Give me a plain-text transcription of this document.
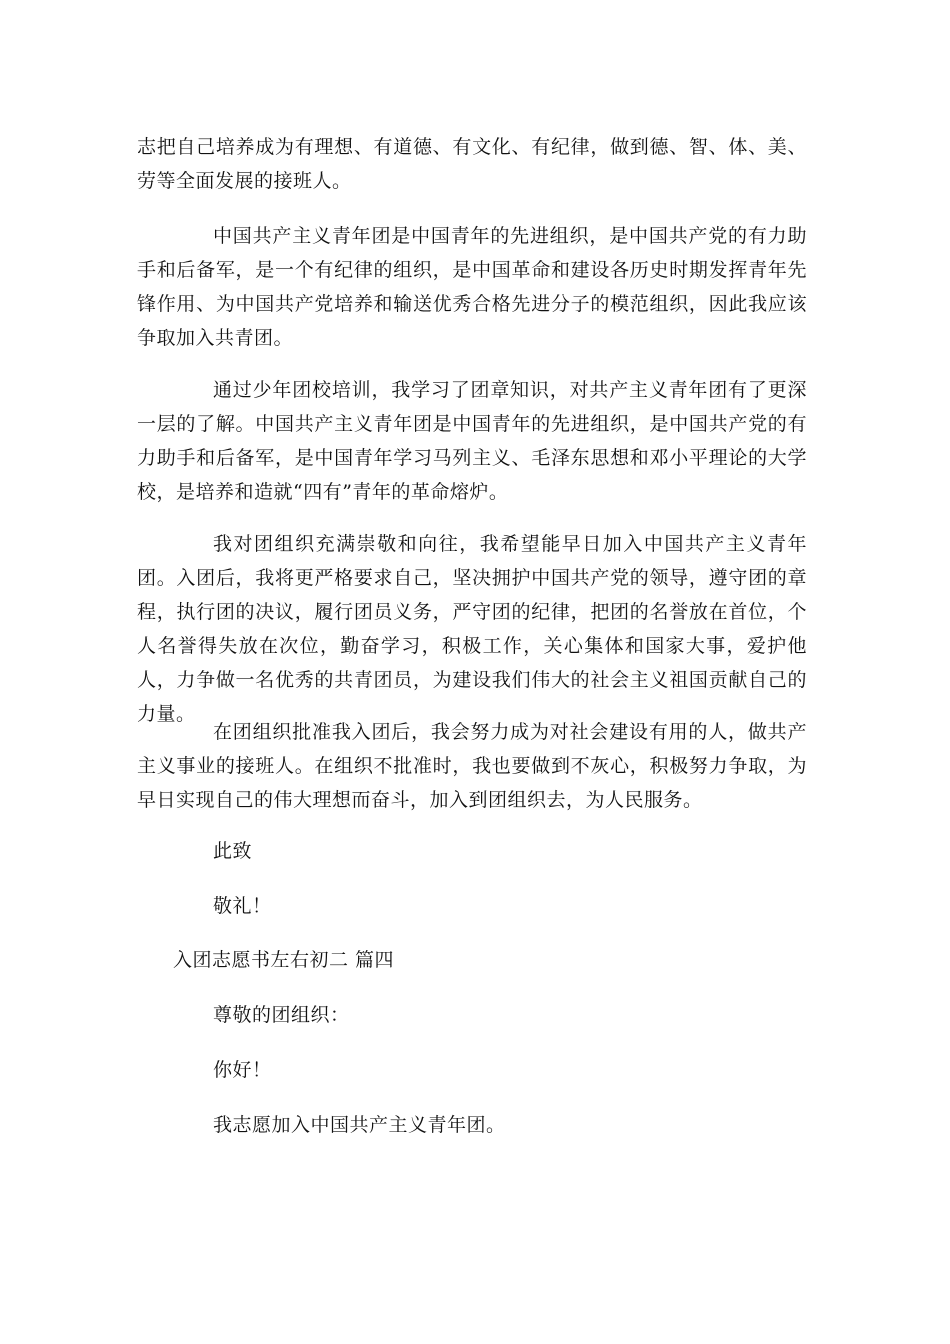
志把自己培养成为有理想、有道德、有文化、有纪律，做到德、智、体、美、劳等全面发展的接班人。

中国共产主义青年团是中国青年的先进组织，是中国共产党的有力助手和后备军，是一个有纪律的组织，是中国革命和建设各历史时期发挥青年先锋作用、为中国共产党培养和输送优秀合格先进分子的模范组织，因此我应该争取加入共青团。

通过少年团校培训，我学习了团章知识，对共产主义青年团有了更深一层的了解。中国共产主义青年团是中国青年的先进组织，是中国共产党的有力助手和后备军，是中国青年学习马列主义、毛泽东思想和邓小平理论的大学校，是培养和造就“四有”青年的革命熔炉。

我对团组织充满崇敬和向往，我希望能早日加入中国共产主义青年团。入团后，我将更严格要求自己，坚决拥护中国共产党的领导，遵守团的章程，执行团的决议，履行团员义务，严守团的纪律，把团的名誉放在首位，个人名誉得失放在次位，勤奋学习，积极工作，关心集体和国家大事，爱护他人，力争做一名优秀的共青团员，为建设我们伟大的社会主义祖国贡献自己的力量。

在团组织批准我入团后，我会努力成为对社会建设有用的人，做共产主义事业的接班人。在组织不批准时，我也要做到不灰心，积极努力争取，为早日实现自己的伟大理想而奋斗，加入到团组织去，为人民服务。

此致

敬礼！

入团志愿书左右初二 篇四

尊敬的团组织：

你好！

我志愿加入中国共产主义青年团。
